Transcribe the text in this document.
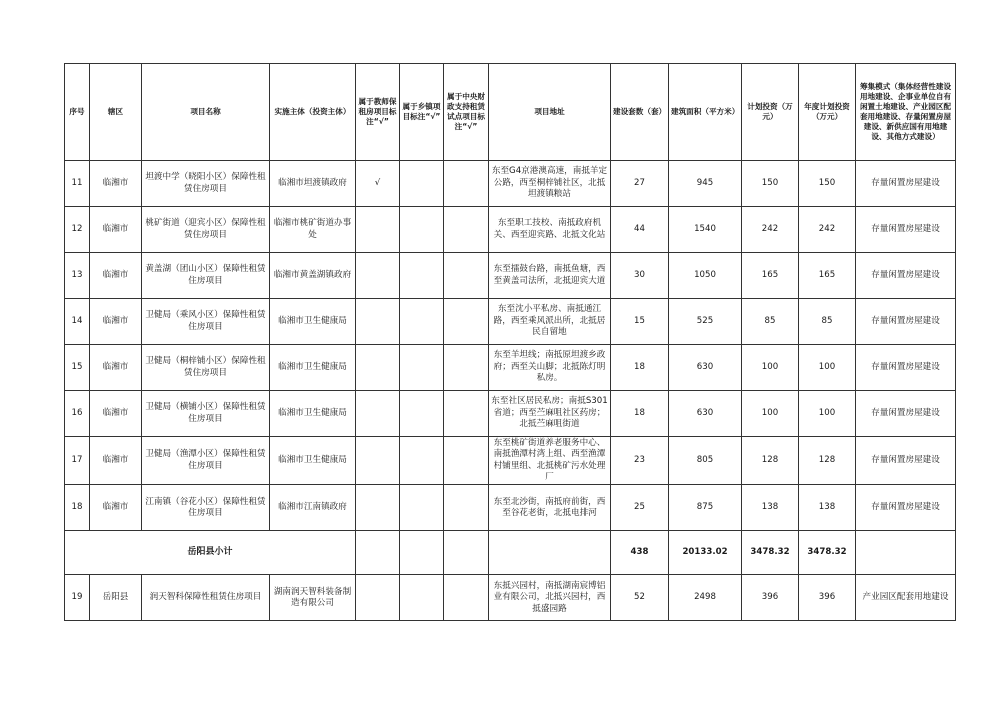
序号	辖区	项目名称	实施主体（投资主体）	属于教师保租房项目标注“√”	属于乡镇项目标注“√”	属于中央财政支持租赁试点项目标注“√”	项目地址	建设套数（套）	建筑面积（平方米）	计划投资（万元）	年度计划投资（万元）	筹集模式（集体经营性建设用地建设、企事业单位自有闲置土地建设、产业园区配套用地建设、存量闲置房屋建设、新供应国有用地建设、其他方式建设）
11	临湘市	坦渡中学（晓阳小区）保障性租赁住房项目	临湘市坦渡镇政府	√			东至G4京港澳高速，南抵羊定公路，西至桐梓铺社区，北抵坦渡镇粮站	27	945	150	150	存量闲置房屋建设
12	临湘市	桃矿街道（迎宾小区）保障性租赁住房项目	临湘市桃矿街道办事处				东至职工技校、南抵政府机关、西至迎宾路、北抵文化站	44	1540	242	242	存量闲置房屋建设
13	临湘市	黄盖湖（团山小区）保障性租赁住房项目	临湘市黄盖湖镇政府				东至擂鼓台路，南抵鱼塘，西至黄盖司法所，北抵迎宾大道	30	1050	165	165	存量闲置房屋建设
14	临湘市	卫健局（乘风小区）保障性租赁住房项目	临湘市卫生健康局				东至沈小平私房、南抵通江路，西至乘风派出所，北抵居民自留地	15	525	85	85	存量闲置房屋建设
15	临湘市	卫健局（桐梓铺小区）保障性租赁住房项目	临湘市卫生健康局				东至羊坦线；南抵原坦渡乡政府；西至关山脚；北抵陈灯明私房。	18	630	100	100	存量闲置房屋建设
16	临湘市	卫健局（横铺小区）保障性租赁住房项目	临湘市卫生健康局				东至社区居民私房；南抵S301省道；西至苎麻咀社区药房；北抵苎麻咀街道	18	630	100	100	存量闲置房屋建设
17	临湘市	卫健局（渔潭小区）保障性租赁住房项目	临湘市卫生健康局				东至桃矿街道养老服务中心、南抵渔潭村湾上组、西至渔潭村铺里组、北抵桃矿污水处理厂	23	805	128	128	存量闲置房屋建设
18	临湘市	江南镇（谷花小区）保障性租赁住房项目	临湘市江南镇政府				东至北沙街，南抵府前街，西至谷花老街，北抵电排河	25	875	138	138	存量闲置房屋建设
岳阳县小计								438	20133.02	3478.32	3478.32	
19	岳阳县	润天智科保障性租赁住房项目	湖南润天智科装备制造有限公司				东抵兴园村，南抵湖南宸博铝业有限公司，北抵兴园村，西抵盛园路	52	2498	396	396	产业园区配套用地建设
